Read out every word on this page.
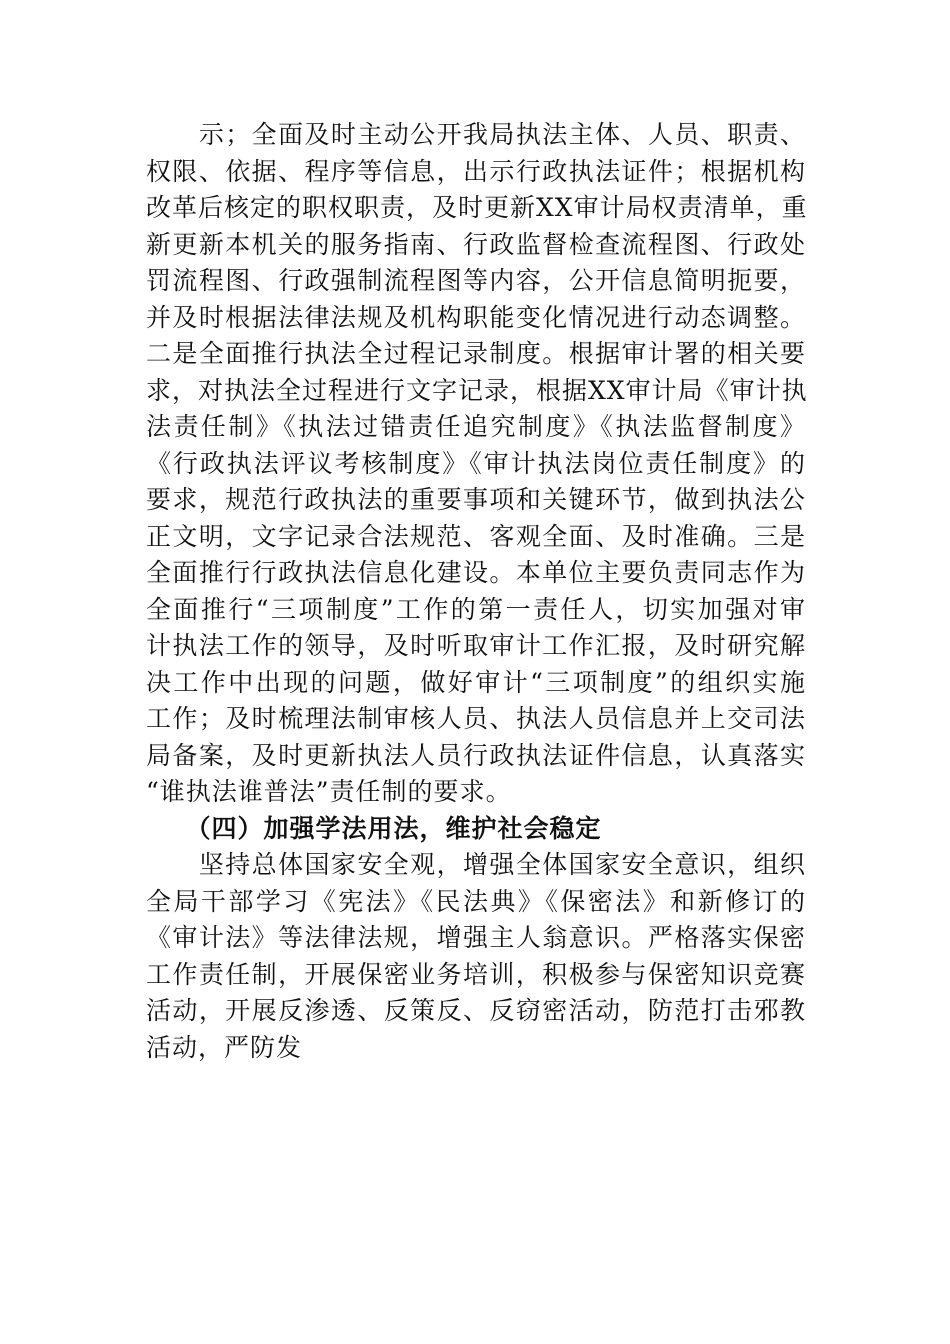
　　示；全面及时主动公开我局执法主体、人员、职责、
权限、依据、程序等信息，出示行政执法证件；根据机构
改革后核定的职权职责，及时更新XX审计局权责清单，重
新更新本机关的服务指南、行政监督检查流程图、行政处
罚流程图、行政强制流程图等内容，公开信息简明扼要，
并及时根据法律法规及机构职能变化情况进行动态调整。
二是全面推行执法全过程记录制度。根据审计署的相关要
求，对执法全过程进行文字记录，根据XX审计局《审计执
法责任制》《执法过错责任追究制度》《执法监督制度》
《行政执法评议考核制度》《审计执法岗位责任制度》的
要求，规范行政执法的重要事项和关键环节，做到执法公
正文明，文字记录合法规范、客观全面、及时准确。三是
全面推行行政执法信息化建设。本单位主要负责同志作为
全面推行“三项制度”工作的第一责任人，切实加强对审
计执法工作的领导，及时听取审计工作汇报，及时研究解
决工作中出现的问题，做好审计“三项制度”的组织实施
工作；及时梳理法制审核人员、执法人员信息并上交司法
局备案，及时更新执法人员行政执法证件信息，认真落实
“谁执法谁普法”责任制的要求。
　　（四）加强学法用法，维护社会稳定
　　坚持总体国家安全观，增强全体国家安全意识，组织
全局干部学习《宪法》《民法典》《保密法》和新修订的
《审计法》等法律法规，增强主人翁意识。严格落实保密
工作责任制，开展保密业务培训，积极参与保密知识竞赛
活动，开展反渗透、反策反、反窃密活动，防范打击邪教
活动，严防发
